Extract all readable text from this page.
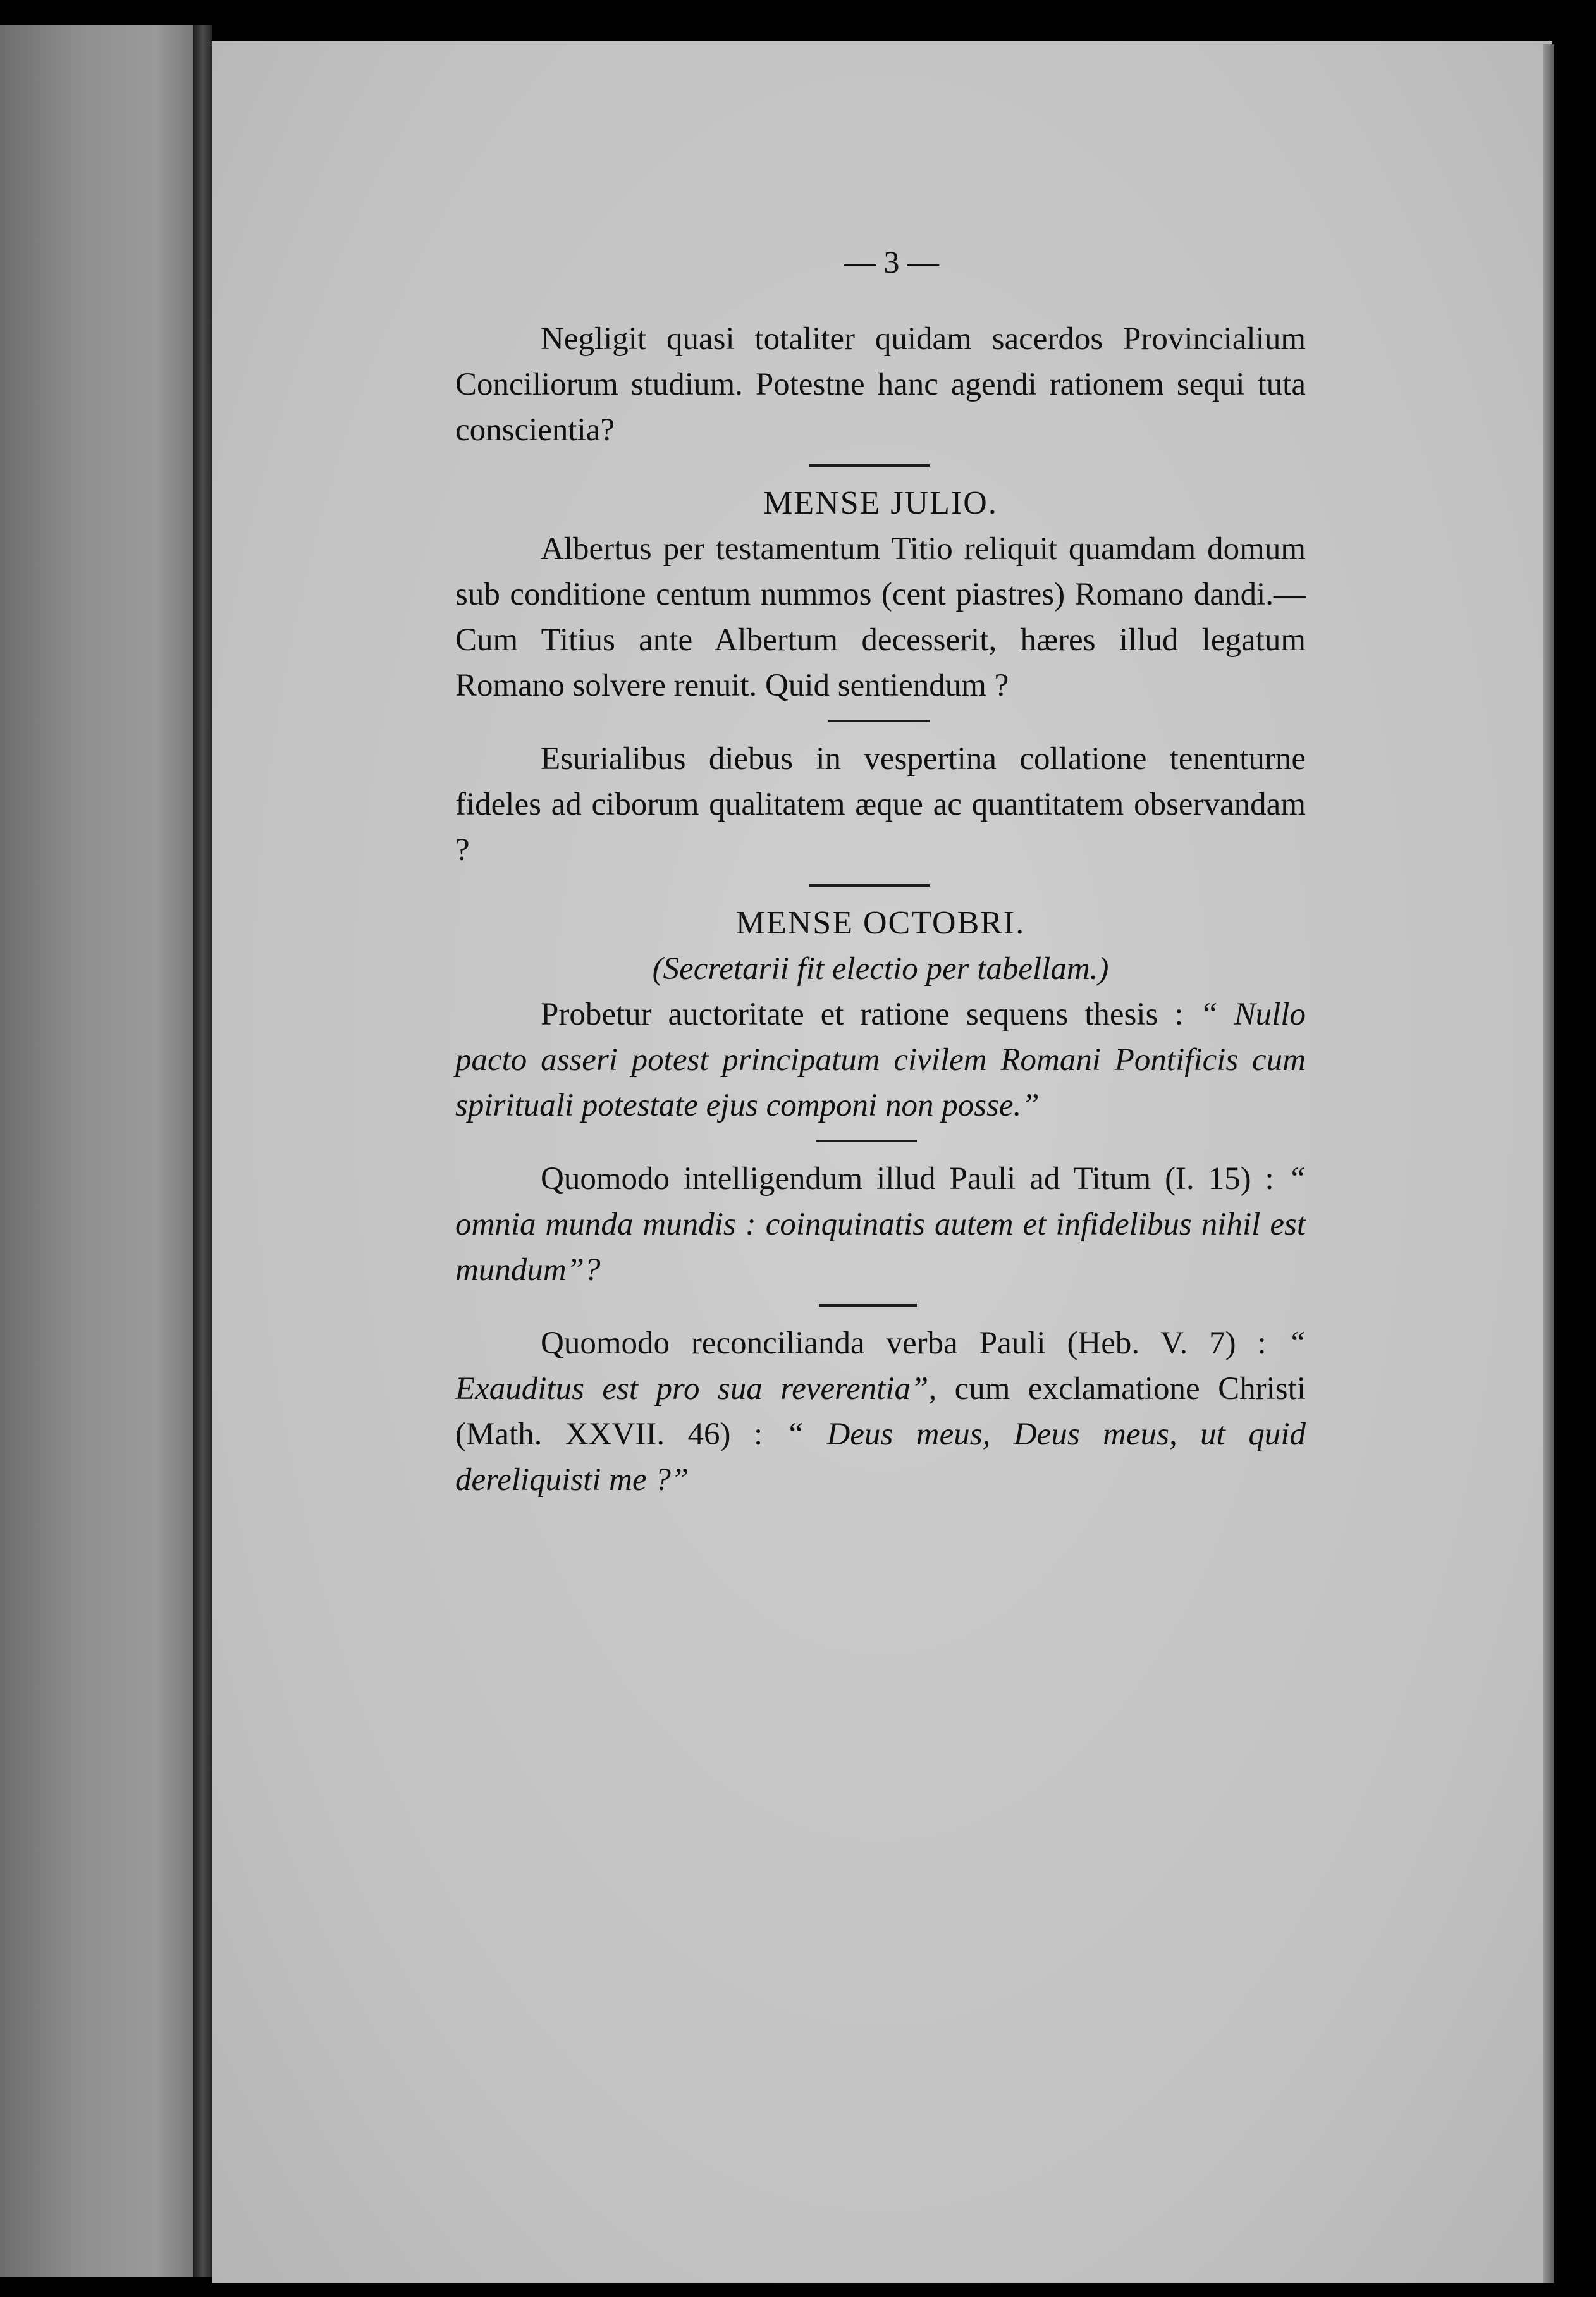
— 3 —

Negligit quasi totaliter quidam sacerdos Provincialium Conciliorum studium. Potestne hanc agendi rationem sequi tuta conscientia?

MENSE JULIO.

Albertus per testamentum Titio reliquit quamdam domum sub conditione centum nummos (cent piastres) Romano dandi.—Cum Titius ante Albertum decesserit, hæres illud legatum Romano solvere renuit. Quid sentiendum ?

Esurialibus diebus in vespertina collatione tenenturne fideles ad ciborum qualitatem æque ac quantitatem observandam ?

MENSE OCTOBRI.

(Secretarii fit electio per tabellam.)

Probetur auctoritate et ratione sequens thesis : “ Nullo pacto asseri potest principatum civilem Romani Pontificis cum spirituali potestate ejus componi non posse.”

Quomodo intelligendum illud Pauli ad Titum (I. 15) : “ omnia munda mundis : coinquinatis autem et infidelibus nihil est mundum”?

Quomodo reconcilianda verba Pauli (Heb. V. 7) : “ Exauditus est pro sua reverentia”, cum exclamatione Christi (Math. XXVII. 46) : “ Deus meus, Deus meus, ut quid dereliquisti me ?”
